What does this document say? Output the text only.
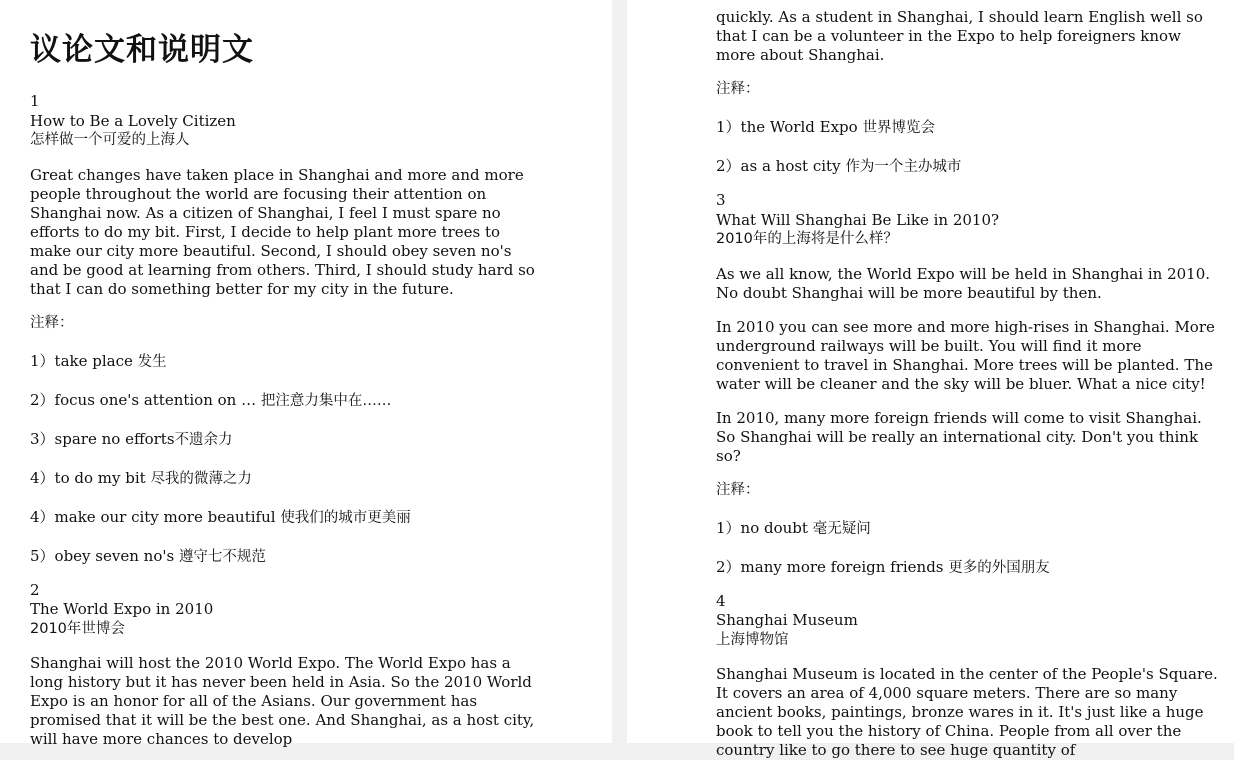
议论文和说明文
1
How to Be a Lovely Citizen
怎样做一个可爱的上海人

Great changes have taken place in Shanghai and more and more people throughout the world are focusing their attention on Shanghai now. As a citizen of Shanghai, I feel I must spare no efforts to do my bit. First, I decide to help plant more trees to make our city more beautiful. Second, I should obey seven no's and be good at learning from others. Third, I should study hard so that I can do something better for my city in the future.

注释：

1）take place 发生

2）focus one's attention on … 把注意力集中在……

3）spare no efforts不遗余力

4）to do my bit 尽我的微薄之力

4）make our city more beautiful 使我们的城市更美丽

5）obey seven no's 遵守七不规范

2
The World Expo in 2010
2010年世博会

Shanghai will host the 2010 World Expo. The World Expo has a long history but it has never been held in Asia. So the 2010 World Expo is an honor for all of the Asians. Our government has promised that it will be the best one. And Shanghai, as a host city, will have more chances to develop

quickly. As a student in Shanghai, I should learn English well so that I can be a volunteer in the Expo to help foreigners know more about Shanghai.

注释：

1）the World Expo 世界博览会

2）as a host city 作为一个主办城市

3
What Will Shanghai Be Like in 2010?
2010年的上海将是什么样？

As we all know, the World Expo will be held in Shanghai in 2010. No doubt Shanghai will be more beautiful by then.

In 2010 you can see more and more high-rises in Shanghai. More underground railways will be built. You will find it more convenient to travel in Shanghai. More trees will be planted. The water will be cleaner and the sky will be bluer. What a nice city!

In 2010, many more foreign friends will come to visit Shanghai. So Shanghai will be really an international city. Don't you think so?

注释：

1）no doubt 毫无疑问

2）many more foreign friends 更多的外国朋友

4
Shanghai Museum
上海博物馆

Shanghai Museum is located in the center of the People's Square. It covers an area of 4,000 square meters. There are so many ancient books, paintings, bronze wares in it. It's just like a huge book to tell you the history of China. People from all over the country like to go there to see huge quantity of
